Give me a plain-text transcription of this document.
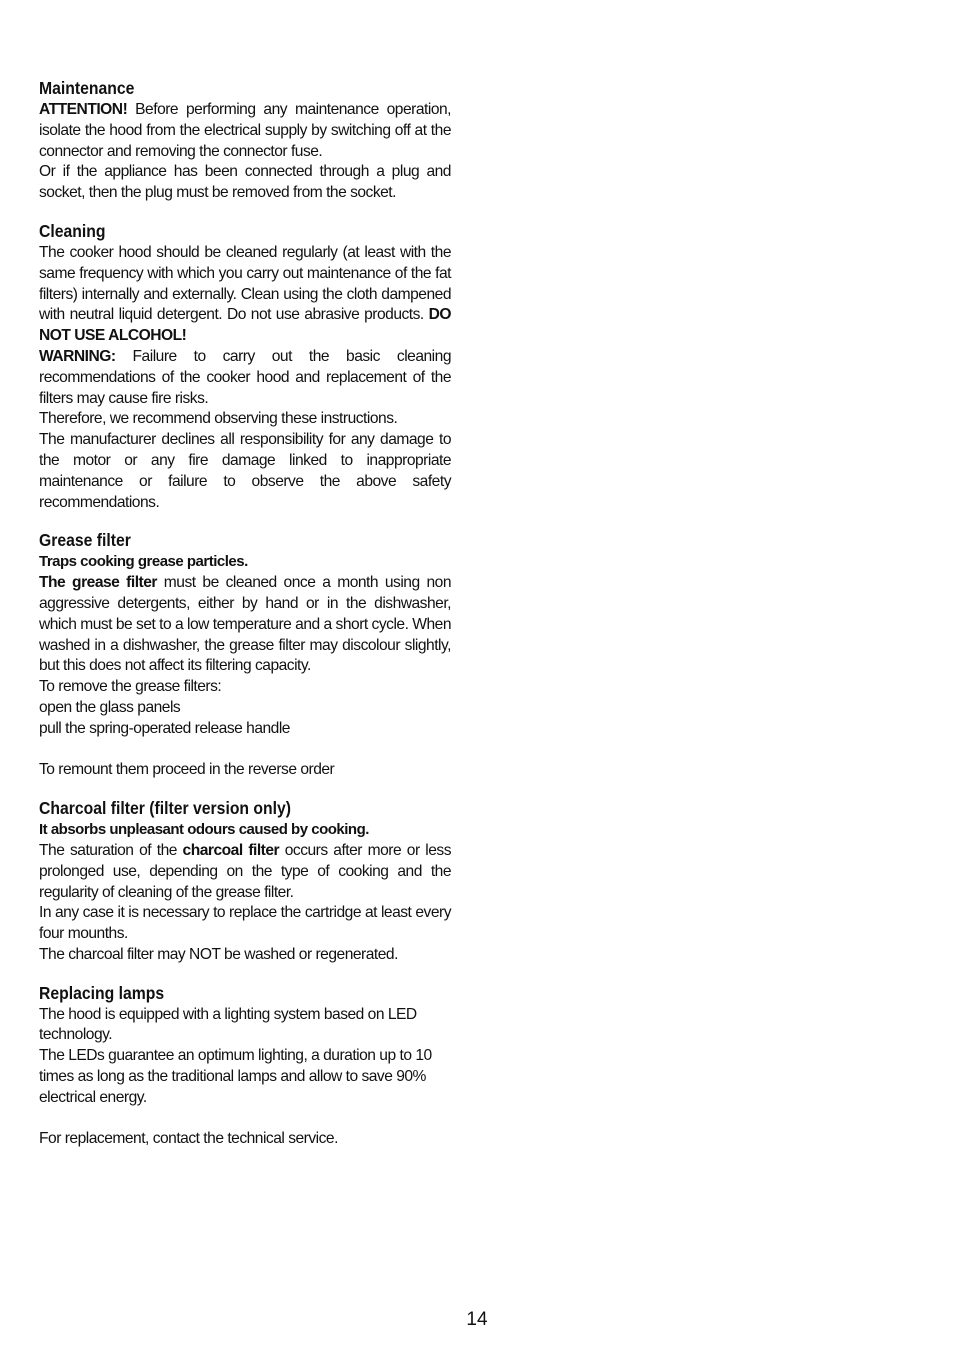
Maintenance

ATTENTION! Before performing any maintenance operation, isolate the hood from the electrical supply by switching off at the connector and removing the connector fuse.

Or if the appliance has been connected through a plug and socket, then the plug must be removed from the socket.

Cleaning

The cooker hood should be cleaned regularly (at least with the same frequency with which you carry out maintenance of the fat filters) internally and externally. Clean using the cloth dampened with neutral liquid detergent. Do not use abrasive products. DO NOT USE ALCOHOL!

WARNING: Failure to carry out the basic cleaning recommendations of the cooker hood and replacement of the filters may cause fire risks.

Therefore, we recommend observing these instructions.

The manufacturer declines all responsibility for any damage to the motor or any fire damage linked to inappropriate maintenance or failure to observe the above safety recommendations.

Grease filter

Traps cooking grease particles.

The grease filter must be cleaned once a month using non aggressive detergents, either by hand or in the dishwasher, which must be set to a low temperature and a short cycle. When washed in a dishwasher, the grease filter may discolour slightly, but this does not affect its filtering capacity.

To remove the grease filters:

open the glass panels

pull the spring-operated release handle

To remount them proceed in the reverse order

Charcoal filter (filter version only)

It absorbs unpleasant odours caused by cooking.

The saturation of the charcoal filter occurs after more or less prolonged use, depending on the type of cooking and the regularity of cleaning of the grease filter.

In any case it is necessary to replace the cartridge at least every four mounths.

The charcoal filter may NOT be washed or regenerated.

Replacing lamps

The hood is equipped with a lighting system based on LED technology.

The LEDs guarantee an optimum lighting, a duration up to 10 times as long as the traditional lamps and allow to save 90% electrical energy.

For replacement, contact the technical service.

14
